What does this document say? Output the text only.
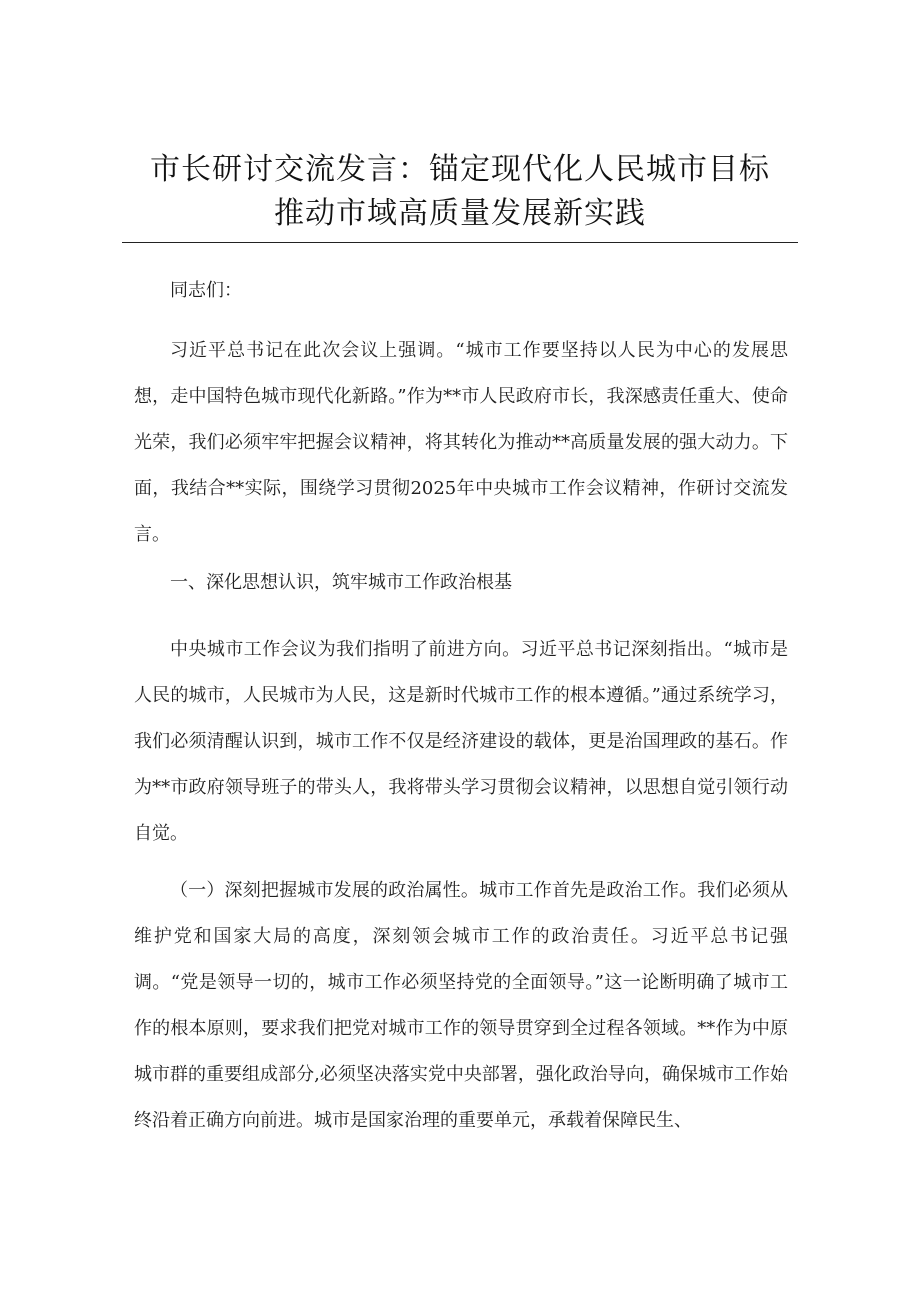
市长研讨交流发言：锚定现代化人民城市目标
推动市域高质量发展新实践

同志们：

习近平总书记在此次会议上强调。“城市工作要坚持以人民为中心的发展思想，走中国特色城市现代化新路。”作为**市人民政府市长，我深感责任重大、使命光荣，我们必须牢牢把握会议精神，将其转化为推动**高质量发展的强大动力。下面，我结合**实际，围绕学习贯彻2025年中央城市工作会议精神，作研讨交流发言。

一、深化思想认识，筑牢城市工作政治根基

中央城市工作会议为我们指明了前进方向。习近平总书记深刻指出。“城市是人民的城市，人民城市为人民，这是新时代城市工作的根本遵循。”通过系统学习，我们必须清醒认识到，城市工作不仅是经济建设的载体，更是治国理政的基石。作为**市政府领导班子的带头人，我将带头学习贯彻会议精神，以思想自觉引领行动自觉。

（一）深刻把握城市发展的政治属性。城市工作首先是政治工作。我们必须从维护党和国家大局的高度，深刻领会城市工作的政治责任。习近平总书记强调。“党是领导一切的，城市工作必须坚持党的全面领导。”这一论断明确了城市工作的根本原则，要求我们把党对城市工作的领导贯穿到全过程各领域。**作为中原城市群的重要组成部分,必须坚决落实党中央部署，强化政治导向，确保城市工作始终沿着正确方向前进。城市是国家治理的重要单元，承载着保障民生、
